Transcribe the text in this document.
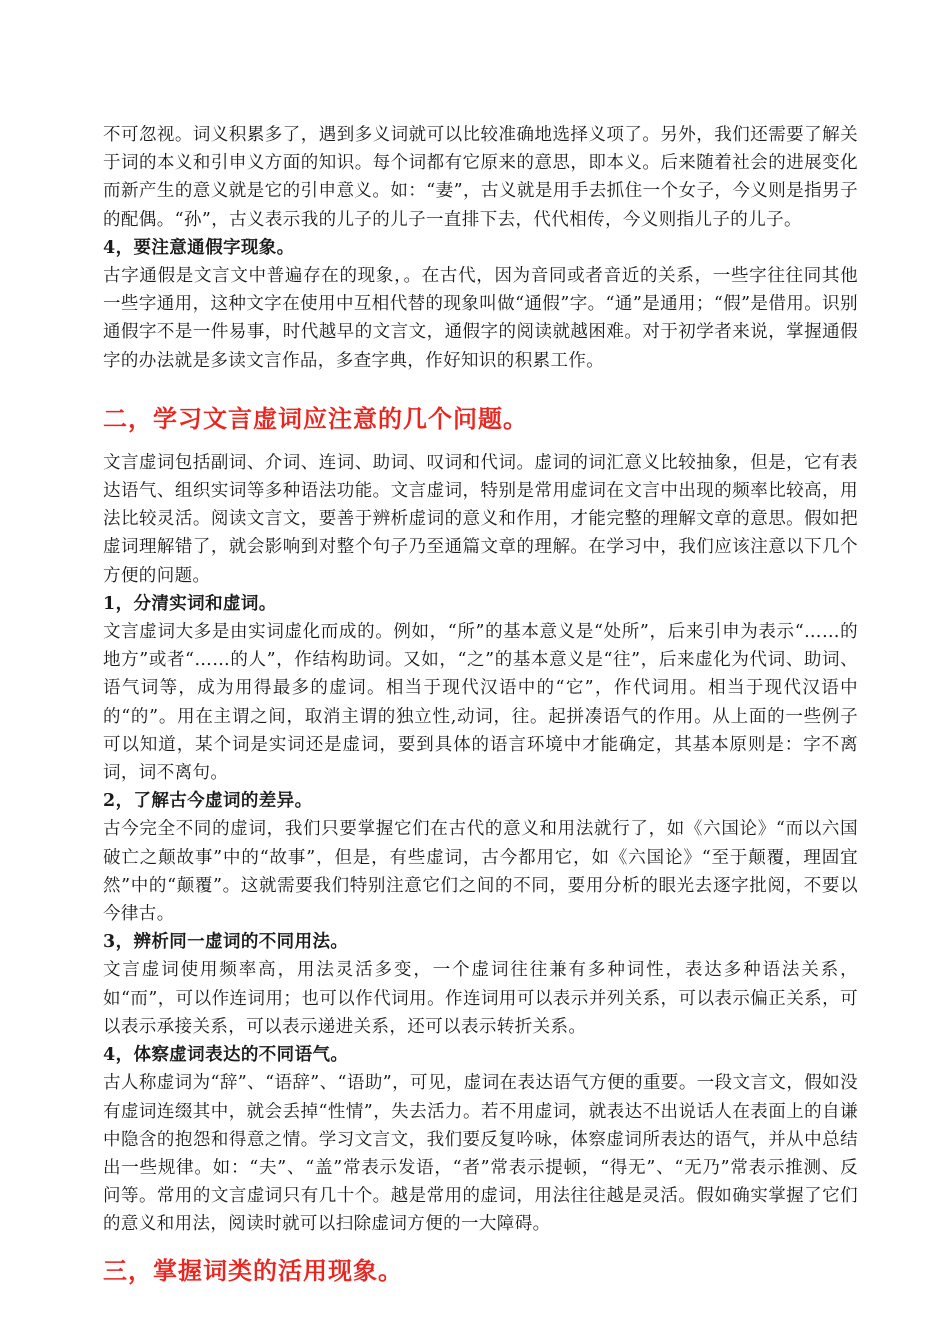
不可忽视。词义积累多了，遇到多义词就可以比较准确地选择义项了。另外，我们还需要了解关于词的本义和引申义方面的知识。每个词都有它原来的意思，即本义。后来随着社会的进展变化而新产生的意义就是它的引申意义。如：“妻”，古义就是用手去抓住一个女子，今义则是指男子的配偶。“孙”，古义表示我的儿子的儿子一直排下去，代代相传，今义则指儿子的儿子。

4，要注意通假字现象。

古字通假是文言文中普遍存在的现象，。在古代，因为音同或者音近的关系，一些字往往同其他一些字通用，这种文字在使用中互相代替的现象叫做“通假”字。“通”是通用；“假”是借用。识别通假字不是一件易事，时代越早的文言文，通假字的阅读就越困难。对于初学者来说，掌握通假字的办法就是多读文言作品，多查字典，作好知识的积累工作。

二，学习文言虚词应注意的几个问题。

文言虚词包括副词、介词、连词、助词、叹词和代词。虚词的词汇意义比较抽象，但是，它有表达语气、组织实词等多种语法功能。文言虚词，特别是常用虚词在文言中出现的频率比较高，用法比较灵活。阅读文言文，要善于辨析虚词的意义和作用，才能完整的理解文章的意思。假如把虚词理解错了，就会影响到对整个句子乃至通篇文章的理解。在学习中，我们应该注意以下几个方便的问题。

1，分清实词和虚词。

文言虚词大多是由实词虚化而成的。例如，“所”的基本意义是“处所”，后来引申为表示“……的地方”或者“……的人”，作结构助词。又如，“之”的基本意义是“往”，后来虚化为代词、助词、语气词等，成为用得最多的虚词。相当于现代汉语中的“它”，作代词用。相当于现代汉语中的“的”。用在主谓之间，取消主谓的独立性,动词，往。起拼凑语气的作用。从上面的一些例子可以知道，某个词是实词还是虚词，要到具体的语言环境中才能确定，其基本原则是：字不离词，词不离句。

2，了解古今虚词的差异。

古今完全不同的虚词，我们只要掌握它们在古代的意义和用法就行了，如《六国论》“而以六国破亡之颠故事”中的“故事”，但是，有些虚词，古今都用它，如《六国论》“至于颠覆，理固宜然”中的“颠覆”。这就需要我们特别注意它们之间的不同，要用分析的眼光去逐字批阅，不要以今律古。

3，辨析同一虚词的不同用法。

文言虚词使用频率高，用法灵活多变，一个虚词往往兼有多种词性，表达多种语法关系，如“而”，可以作连词用；也可以作代词用。作连词用可以表示并列关系，可以表示偏正关系，可以表示承接关系，可以表示递进关系，还可以表示转折关系。

4，体察虚词表达的不同语气。

古人称虚词为“辞”、“语辞”、“语助”，可见，虚词在表达语气方便的重要。一段文言文，假如没有虚词连缀其中，就会丢掉“性情”，失去活力。若不用虚词，就表达不出说话人在表面上的自谦中隐含的抱怨和得意之情。学习文言文，我们要反复吟咏，体察虚词所表达的语气，并从中总结出一些规律。如：“夫”、“盖”常表示发语，“者”常表示提顿，“得无”、“无乃”常表示推测、反问等。常用的文言虚词只有几十个。越是常用的虚词，用法往往越是灵活。假如确实掌握了它们的意义和用法，阅读时就可以扫除虚词方便的一大障碍。

三，掌握词类的活用现象。
